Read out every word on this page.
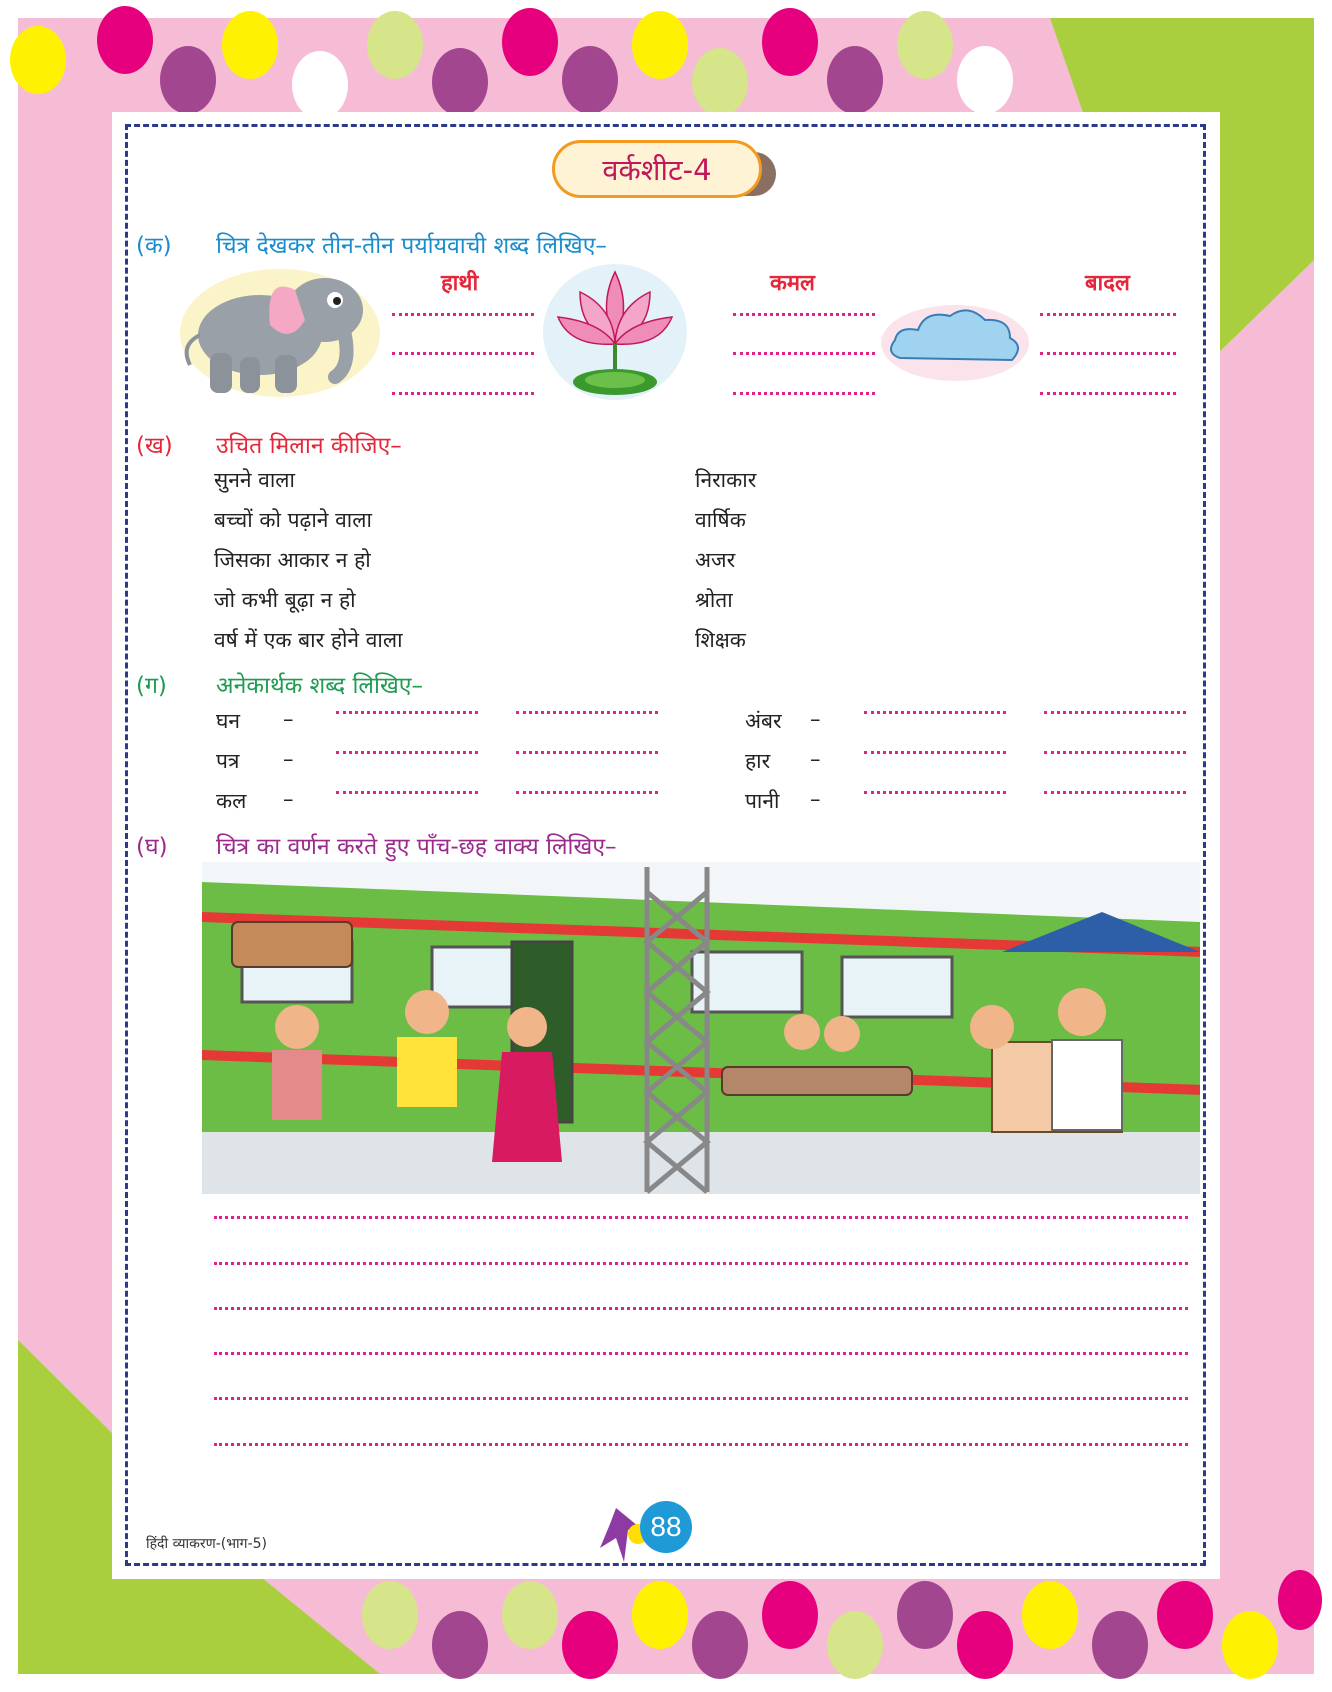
वर्कशीट-4
(क) चित्र देखकर तीन-तीन पर्यायवाची शब्द लिखिए–
हाथी	कमल	बादल
(ख) उचित मिलान कीजिए–
सुनने वाला
बच्चों को पढ़ाने वाला
जिसका आकार न हो
जो कभी बूढ़ा न हो
वर्ष में एक बार होने वाला
निराकार
वार्षिक
अजर
श्रोता
शिक्षक
(ग) अनेकार्थक शब्द लिखिए–
घन
पत्र
कल
–
–
–
अंबर
हार
पानी
–
–
–
(घ) चित्र का वर्णन करते हुए पाँच-छह वाक्य लिखिए–
हिंदी व्याकरण-(भाग-5)
88
